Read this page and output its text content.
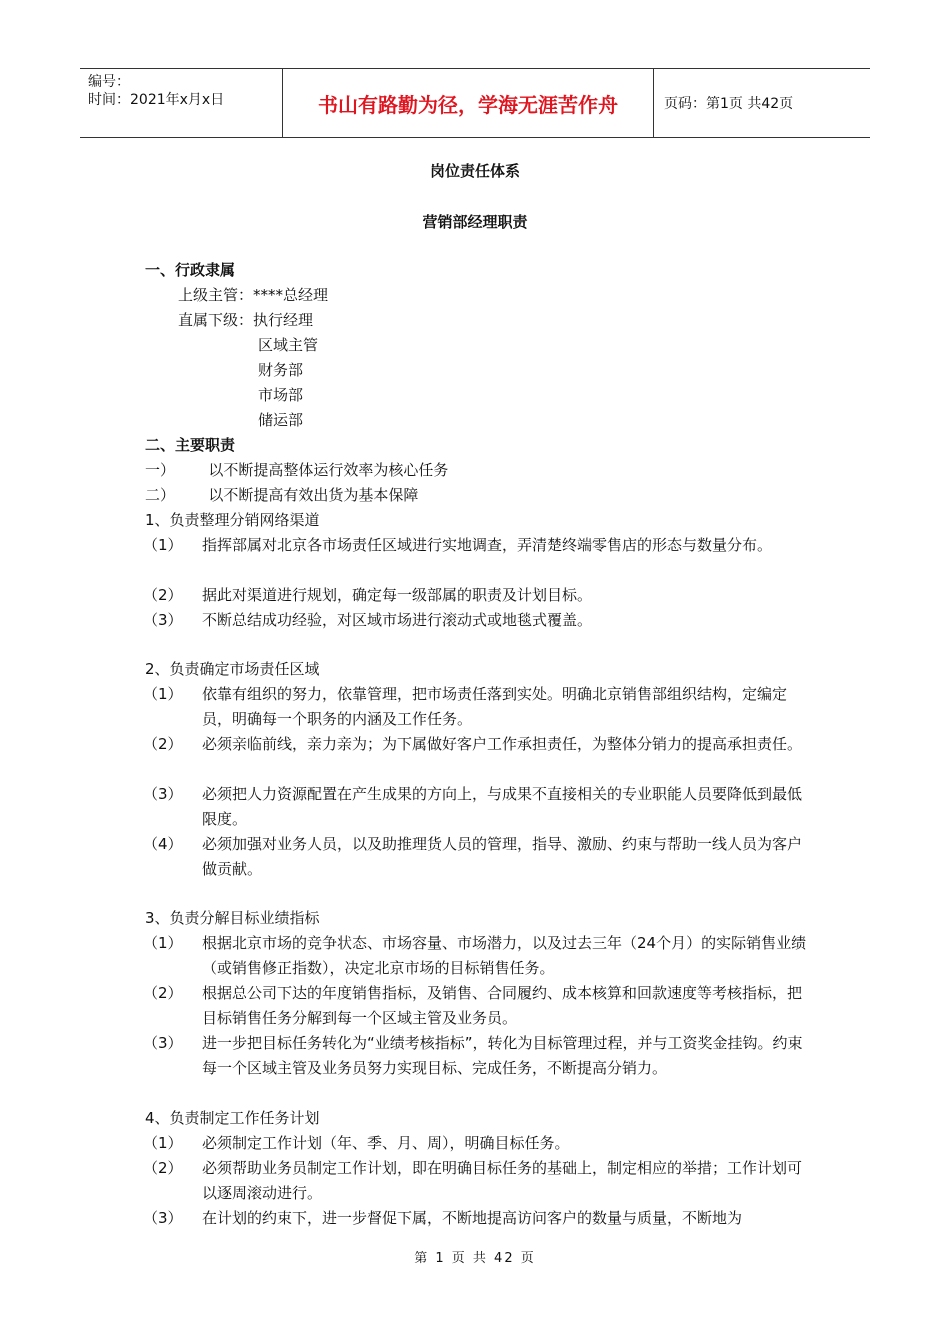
编号：
时间：2021年x月x日	书山有路勤为径，学海无涯苦作舟	页码：第1页 共42页
岗位责任体系
营销部经理职责
一、行政隶属
上级主管：****总经理
直属下级：执行经理
区域主管
财务部
市场部
储运部
二、主要职责
一）       以不断提高整体运行效率为核心任务
二）       以不断提高有效出货为基本保障
1、负责整理分销网络渠道
（1）	指挥部属对北京各市场责任区域进行实地调查，弄清楚终端零售店的形态与数量分布。
（2）	据此对渠道进行规划，确定每一级部属的职责及计划目标。
（3）	不断总结成功经验，对区域市场进行滚动式或地毯式覆盖。
2、负责确定市场责任区域
（1）	依靠有组织的努力，依靠管理，把市场责任落到实处。明确北京销售部组织结构，定编定员，明确每一个职务的内涵及工作任务。
（2）	必须亲临前线，亲力亲为；为下属做好客户工作承担责任，为整体分销力的提高承担责任。
（3）	必须把人力资源配置在产生成果的方向上，与成果不直接相关的专业职能人员要降低到最低限度。
（4）	必须加强对业务人员，以及助推理货人员的管理，指导、激励、约束与帮助一线人员为客户做贡献。
3、负责分解目标业绩指标
（1）	根据北京市场的竞争状态、市场容量、市场潜力，以及过去三年（24个月）的实际销售业绩（或销售修正指数），决定北京市场的目标销售任务。
（2）	根据总公司下达的年度销售指标，及销售、合同履约、成本核算和回款速度等考核指标，把目标销售任务分解到每一个区域主管及业务员。
（3）	进一步把目标任务转化为“业绩考核指标”，转化为目标管理过程，并与工资奖金挂钩。约束每一个区域主管及业务员努力实现目标、完成任务，不断提高分销力。
4、负责制定工作任务计划
（1）	必须制定工作计划（年、季、月、周），明确目标任务。
（2）	必须帮助业务员制定工作计划，即在明确目标任务的基础上，制定相应的举措；工作计划可以逐周滚动进行。
（3）	在计划的约束下，进一步督促下属，不断地提高访问客户的数量与质量，不断地为
第 1 页 共 42 页
